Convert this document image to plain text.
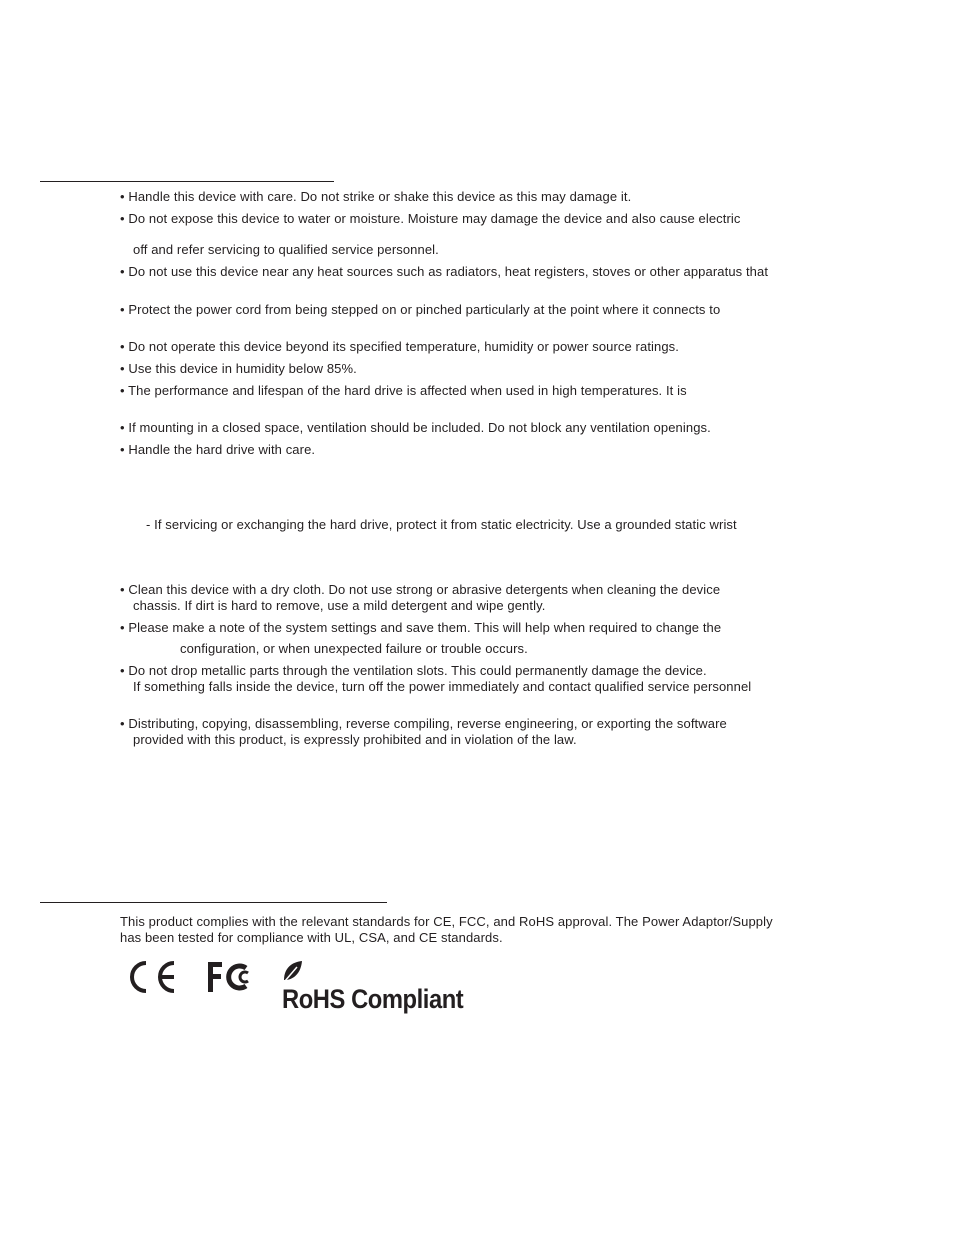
• Handle this device with care. Do not strike or shake this device as this may damage it.
• Do not expose this device to water or moisture. Moisture may damage the device and also cause electric
off and refer servicing to qualified service personnel.
• Do not use this device near any heat sources such as radiators, heat registers, stoves or other apparatus that
• Protect the power cord from being stepped on or pinched particularly at the point where it connects to
• Do not operate this device beyond its specified temperature, humidity or power source ratings.
• Use this device in humidity below 85%.
• The performance and lifespan of the hard drive is affected when used in high temperatures. It is
• If mounting in a closed space, ventilation should be included. Do not block any ventilation openings.
• Handle the hard drive with care.
- If servicing or exchanging the hard drive, protect it from static electricity. Use a grounded static wrist
• Clean this device with a dry cloth. Do not use strong or abrasive detergents when cleaning the device
chassis. If dirt is hard to remove, use a mild detergent and wipe gently.
• Please make a note of the system settings and save them. This will help when required to change the
configuration, or when unexpected failure or trouble occurs.
• Do not drop metallic parts through the ventilation slots. This could permanently damage the device.
If something falls inside the device, turn off the power immediately and contact qualified service personnel
• Distributing, copying, disassembling, reverse compiling, reverse engineering, or exporting the software
provided with this product, is expressly prohibited and in violation of the law.
This product complies with the relevant standards for CE, FCC, and RoHS approval. The Power Adaptor/Supply
has been tested for compliance with UL, CSA, and CE standards.
RoHS Compliant
